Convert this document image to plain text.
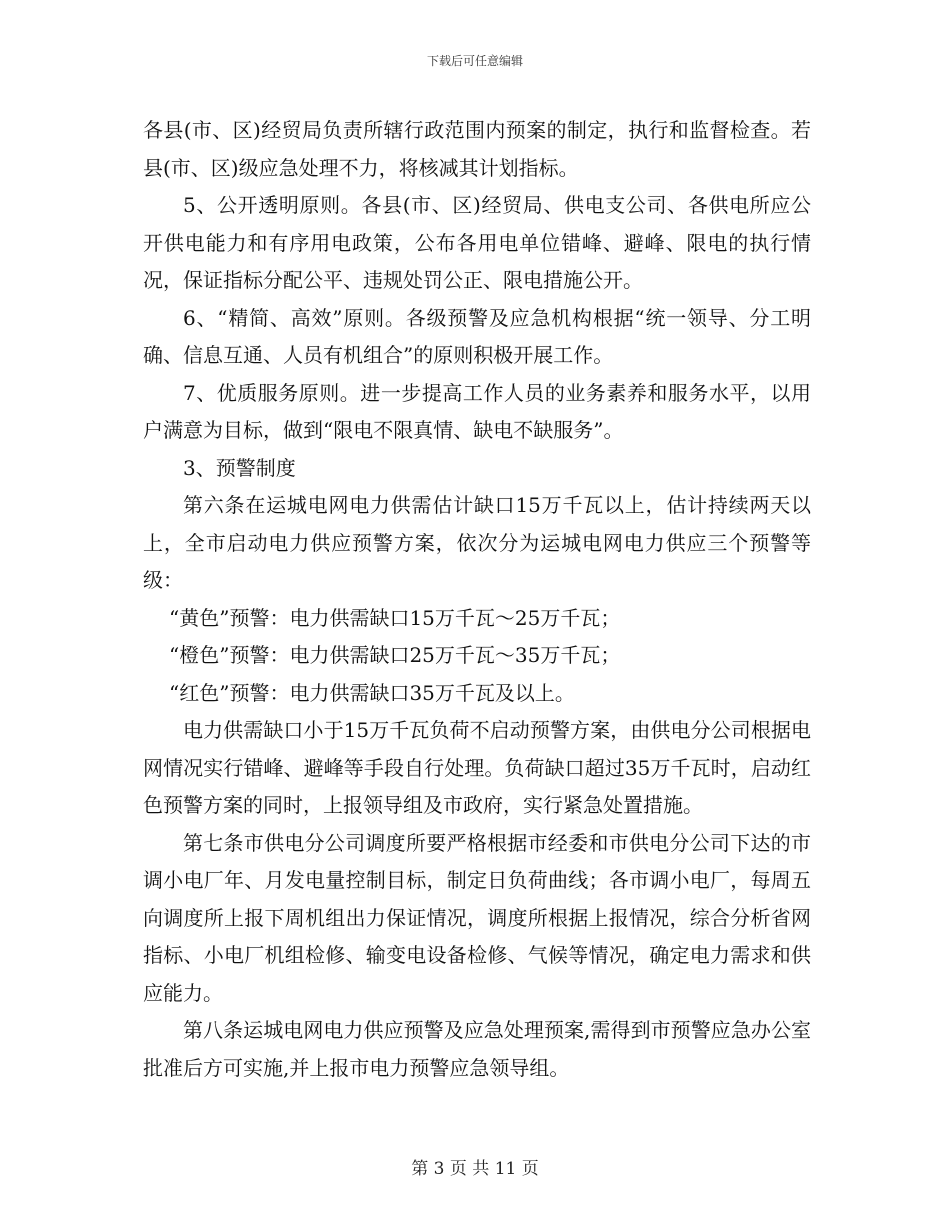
下载后可任意编辑

各县(市、区)经贸局负责所辖行政范围内预案的制定，执行和监督检查。若县(市、区)级应急处理不力，将核减其计划指标。

5、公开透明原则。各县(市、区)经贸局、供电支公司、各供电所应公开供电能力和有序用电政策，公布各用电单位错峰、避峰、限电的执行情况，保证指标分配公平、违规处罚公正、限电措施公开。

6、“精简、高效”原则。各级预警及应急机构根据“统一领导、分工明确、信息互通、人员有机组合”的原则积极开展工作。

7、优质服务原则。进一步提高工作人员的业务素养和服务水平，以用户满意为目标，做到“限电不限真情、缺电不缺服务”。

3、预警制度

第六条在运城电网电力供需估计缺口15万千瓦以上，估计持续两天以上，全市启动电力供应预警方案，依次分为运城电网电力供应三个预警等级：

“黄色”预警：电力供需缺口15万千瓦～25万千瓦；

“橙色”预警：电力供需缺口25万千瓦～35万千瓦；

“红色”预警：电力供需缺口35万千瓦及以上。

电力供需缺口小于15万千瓦负荷不启动预警方案，由供电分公司根据电网情况实行错峰、避峰等手段自行处理。负荷缺口超过35万千瓦时，启动红色预警方案的同时，上报领导组及市政府，实行紧急处置措施。

第七条市供电分公司调度所要严格根据市经委和市供电分公司下达的市调小电厂年、月发电量控制目标，制定日负荷曲线；各市调小电厂，每周五向调度所上报下周机组出力保证情况，调度所根据上报情况，综合分析省网指标、小电厂机组检修、输变电设备检修、气候等情况，确定电力需求和供应能力。

第八条运城电网电力供应预警及应急处理预案,需得到市预警应急办公室批准后方可实施,并上报市电力预警应急领导组。

第 3 页 共 11 页
